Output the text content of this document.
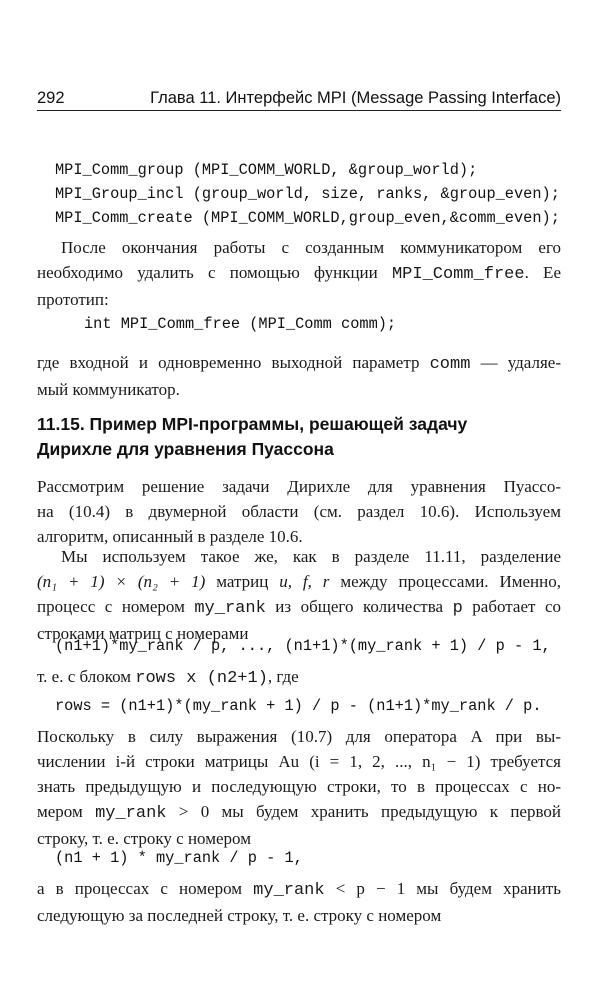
292	Глава 11. Интерфейс MPI (Message Passing Interface)
MPI_Comm_group (MPI_COMM_WORLD, &group_world);
MPI_Group_incl (group_world, size, ranks, &group_even);
MPI_Comm_create (MPI_COMM_WORLD,group_even,&comm_even);
После окончания работы с созданным коммуникатором его
необходимо удалить с помощью функции MPI_Comm_free. Ее
прототип:
int MPI_Comm_free (MPI_Comm comm);
где входной и одновременно выходной параметр comm — удаляе-
мый коммуникатор.
11.15. Пример MPI-программы, решающей задачу
Дирихле для уравнения Пуассона
Рассмотрим решение задачи Дирихле для уравнения Пуассо-
на (10.4) в двумерной области (см. раздел 10.6). Используем
алгоритм, описанный в разделе 10.6.
Мы используем такое же, как в разделе 11.11, разделение
(n₁ + 1) × (n₂ + 1) матриц u, f, r между процессами. Именно,
процесс с номером my_rank из общего количества p работает со
строками матриц с номерами
(n1+1)*my_rank / p, ..., (n1+1)*(my_rank + 1) / p - 1,
т. е. с блоком rows x (n2+1), где
rows = (n1+1)*(my_rank + 1) / p - (n1+1)*my_rank / p.
Поскольку в силу выражения (10.7) для оператора A при вы-
числении i-й строки матрицы Au (i = 1, 2, ..., n₁ − 1) требуется
знать предыдущую и последующую строки, то в процессах с но-
мером my_rank > 0 мы будем хранить предыдущую к первой
строку, т. е. строку с номером
(n1 + 1) * my_rank / p - 1,
а в процессах с номером my_rank < p − 1 мы будем хранить
следующую за последней строку, т. е. строку с номером
